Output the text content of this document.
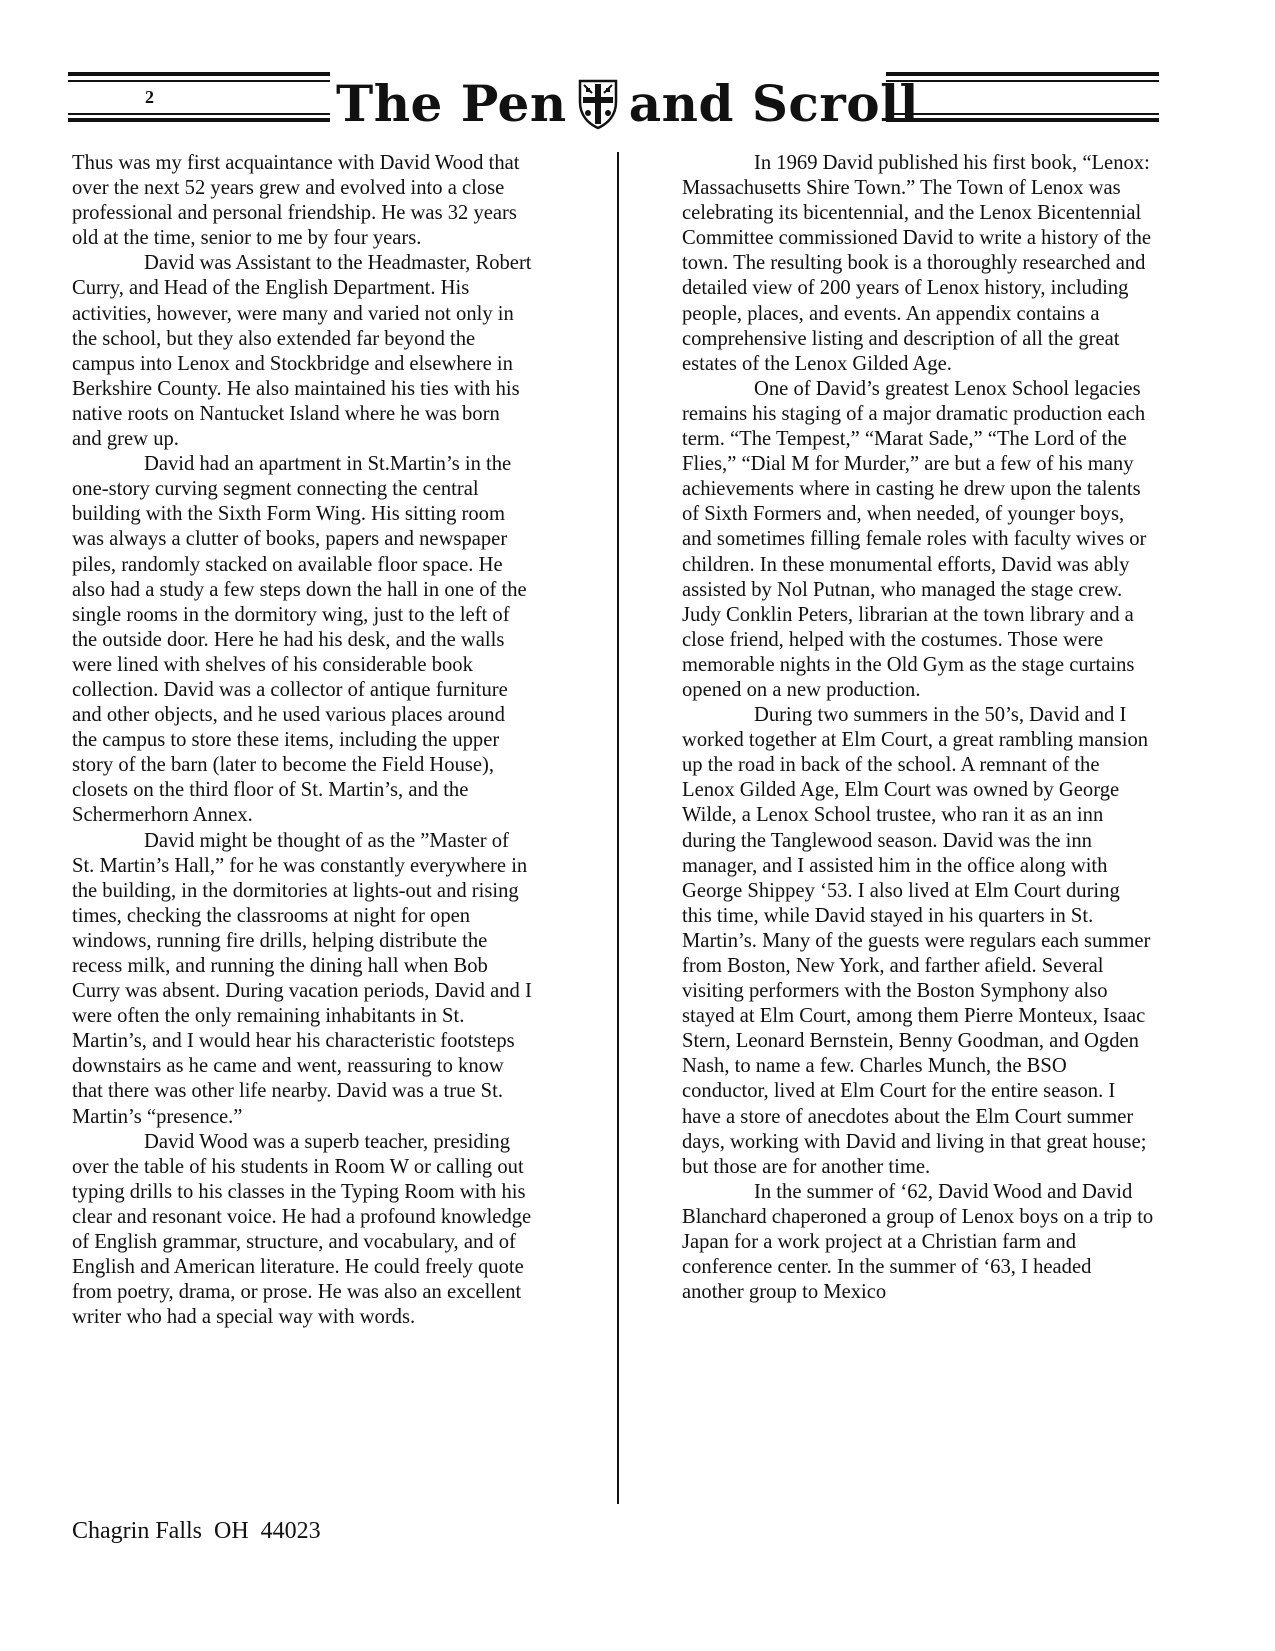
2	The Pen and Scroll

Thus was my first acquaintance with David Wood that over the next 52 years grew and evolved into a close professional and personal friendship. He was 32 years old at the time, senior to me by four years.

David was Assistant to the Headmaster, Robert Curry, and Head of the English Department. His activities, however, were many and varied not only in the school, but they also extended far beyond the campus into Lenox and Stockbridge and elsewhere in Berkshire County. He also maintained his ties with his native roots on Nantucket Island where he was born and grew up.

David had an apartment in St.Martin’s in the one-story curving segment connecting the central building with the Sixth Form Wing. His sitting room was always a clutter of books, papers and newspaper piles, randomly stacked on available floor space. He also had a study a few steps down the hall in one of the single rooms in the dormitory wing, just to the left of the outside door. Here he had his desk, and the walls were lined with shelves of his considerable book collection. David was a collector of antique furniture and other objects, and he used various places around the campus to store these items, including the upper story of the barn (later to become the Field House), closets on the third floor of St. Martin’s, and the Schermerhorn Annex.

David might be thought of as the ”Master of St. Martin’s Hall,” for he was constantly everywhere in the building, in the dormitories at lights-out and rising times, checking the classrooms at night for open windows, running fire drills, helping distribute the recess milk, and running the dining hall when Bob Curry was absent. During vacation periods, David and I were often the only remaining inhabitants in St. Martin’s, and I would hear his characteristic footsteps downstairs as he came and went, reassuring to know that there was other life nearby. David was a true St. Martin’s “presence.”

David Wood was a superb teacher, presiding over the table of his students in Room W or calling out typing drills to his classes in the Typing Room with his clear and resonant voice. He had a profound knowledge of English grammar, structure, and vocabulary, and of English and American literature. He could freely quote from poetry, drama, or prose. He was also an excellent writer who had a special way with words.

In 1969 David published his first book, “Lenox: Massachusetts Shire Town.” The Town of Lenox was celebrating its bicentennial, and the Lenox Bicentennial Committee commissioned David to write a history of the town. The resulting book is a thoroughly researched and detailed view of 200 years of Lenox history, including people, places, and events. An appendix contains a comprehensive listing and description of all the great estates of the Lenox Gilded Age.

One of David’s greatest Lenox School legacies remains his staging of a major dramatic production each term. “The Tempest,” “Marat Sade,” “The Lord of the Flies,” “Dial M for Murder,” are but a few of his many achievements where in casting he drew upon the talents of Sixth Formers and, when needed, of younger boys, and sometimes filling female roles with faculty wives or children. In these monumental efforts, David was ably assisted by Nol Putnan, who managed the stage crew. Judy Conklin Peters, librarian at the town library and a close friend, helped with the costumes. Those were memorable nights in the Old Gym as the stage curtains opened on a new production.

During two summers in the 50’s, David and I worked together at Elm Court, a great rambling mansion up the road in back of the school. A remnant of the Lenox Gilded Age, Elm Court was owned by George Wilde, a Lenox School trustee, who ran it as an inn during the Tanglewood season. David was the inn manager, and I assisted him in the office along with George Shippey ‘53. I also lived at Elm Court during this time, while David stayed in his quarters in St. Martin’s. Many of the guests were regulars each summer from Boston, New York, and farther afield. Several visiting performers with the Boston Symphony also stayed at Elm Court, among them Pierre Monteux, Isaac Stern, Leonard Bernstein, Benny Goodman, and Ogden Nash, to name a few. Charles Munch, the BSO conductor, lived at Elm Court for the entire season. I have a store of anecdotes about the Elm Court summer days, working with David and living in that great house; but those are for another time.

In the summer of ‘62, David Wood and David Blanchard chaperoned a group of Lenox boys on a trip to Japan for a work project at a Christian farm and conference center. In the summer of ‘63, I headed another group to Mexico

Chagrin Falls  OH  44023
